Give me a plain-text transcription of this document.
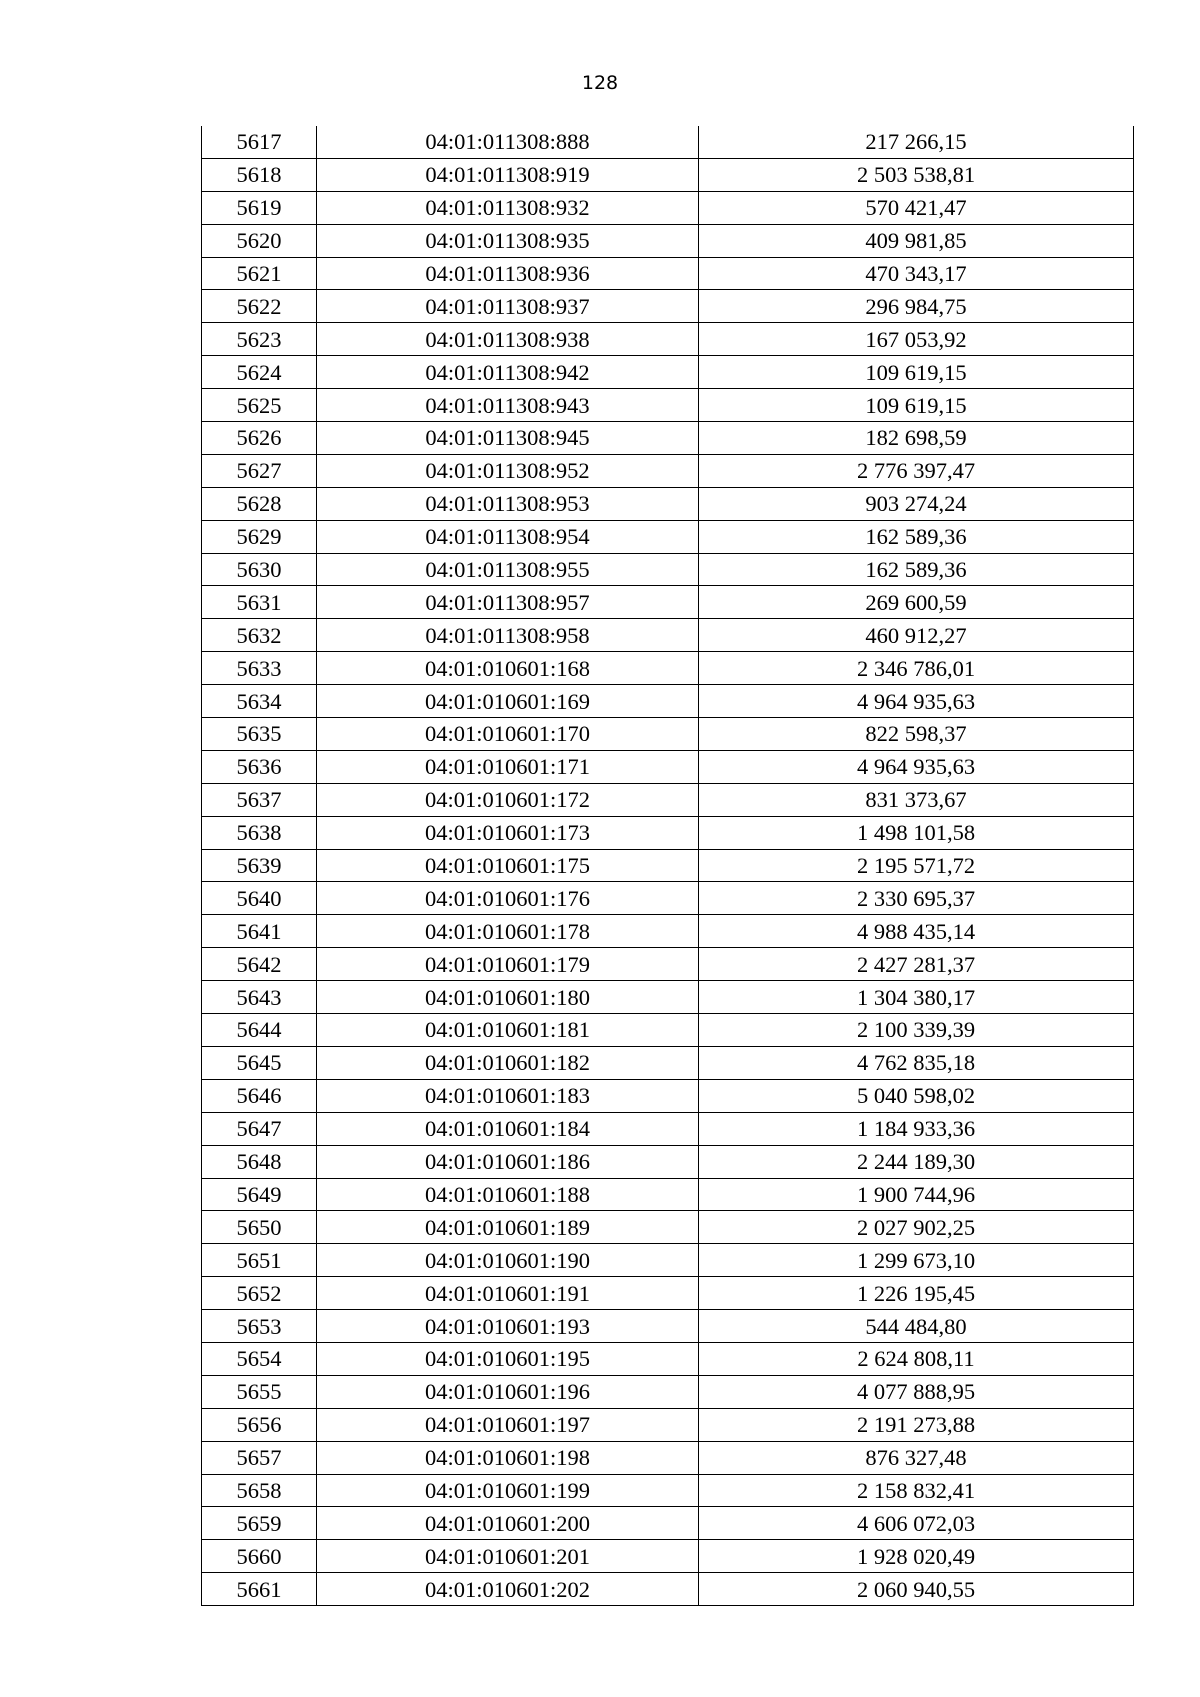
128
5617	04:01:011308:888	217 266,15
5618	04:01:011308:919	2 503 538,81
5619	04:01:011308:932	570 421,47
5620	04:01:011308:935	409 981,85
5621	04:01:011308:936	470 343,17
5622	04:01:011308:937	296 984,75
5623	04:01:011308:938	167 053,92
5624	04:01:011308:942	109 619,15
5625	04:01:011308:943	109 619,15
5626	04:01:011308:945	182 698,59
5627	04:01:011308:952	2 776 397,47
5628	04:01:011308:953	903 274,24
5629	04:01:011308:954	162 589,36
5630	04:01:011308:955	162 589,36
5631	04:01:011308:957	269 600,59
5632	04:01:011308:958	460 912,27
5633	04:01:010601:168	2 346 786,01
5634	04:01:010601:169	4 964 935,63
5635	04:01:010601:170	822 598,37
5636	04:01:010601:171	4 964 935,63
5637	04:01:010601:172	831 373,67
5638	04:01:010601:173	1 498 101,58
5639	04:01:010601:175	2 195 571,72
5640	04:01:010601:176	2 330 695,37
5641	04:01:010601:178	4 988 435,14
5642	04:01:010601:179	2 427 281,37
5643	04:01:010601:180	1 304 380,17
5644	04:01:010601:181	2 100 339,39
5645	04:01:010601:182	4 762 835,18
5646	04:01:010601:183	5 040 598,02
5647	04:01:010601:184	1 184 933,36
5648	04:01:010601:186	2 244 189,30
5649	04:01:010601:188	1 900 744,96
5650	04:01:010601:189	2 027 902,25
5651	04:01:010601:190	1 299 673,10
5652	04:01:010601:191	1 226 195,45
5653	04:01:010601:193	544 484,80
5654	04:01:010601:195	2 624 808,11
5655	04:01:010601:196	4 077 888,95
5656	04:01:010601:197	2 191 273,88
5657	04:01:010601:198	876 327,48
5658	04:01:010601:199	2 158 832,41
5659	04:01:010601:200	4 606 072,03
5660	04:01:010601:201	1 928 020,49
5661	04:01:010601:202	2 060 940,55
